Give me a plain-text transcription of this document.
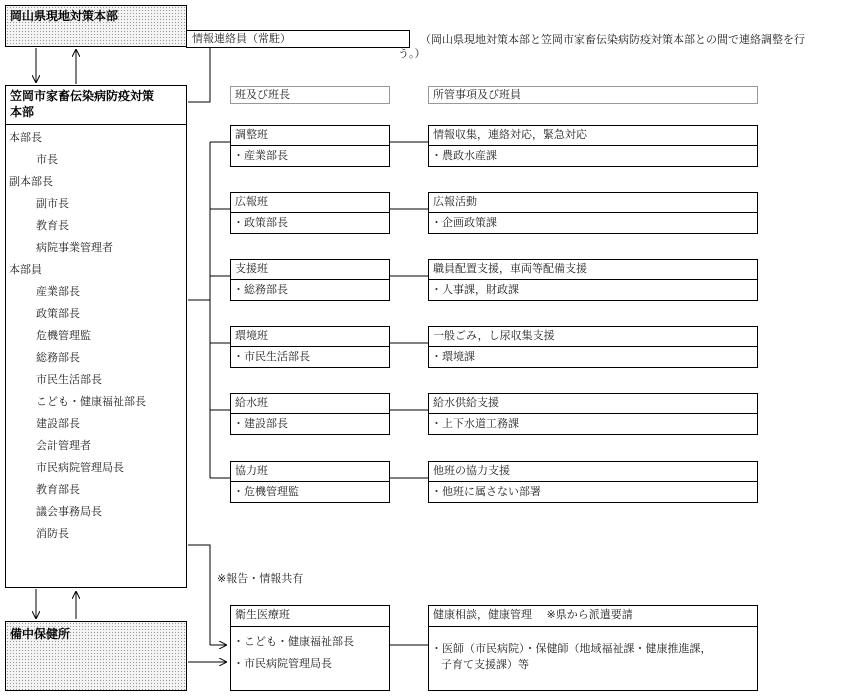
岡山県現地対策本部
情報連絡員（常駐）	（岡山県現地対策本部と笠岡市家畜伝染病防疫対策本部との間で連絡調整を行
う。）
笠岡市家畜伝染病防疫対策
本部
本部長
市長
副本部長
副市長
教育長
病院事業管理者
本部員
産業部長
政策部長
危機管理監
総務部長
市民生活部長
こども・健康福祉部長
建設部長
会計管理者
市民病院管理局長
教育部長
議会事務局長
消防長
班及び班長	所管事項及び班員
調整班
・産業部長
情報収集，連絡対応，緊急対応
・農政水産課
広報班
・政策部長
広報活動
・企画政策課
支援班
・総務部長
職員配置支援，車両等配備支援
・人事課，財政課
環境班
・市民生活部長
一般ごみ，し尿収集支援
・環境課
給水班
・建設部長
給水供給支援
・上下水道工務課
協力班
・危機管理監
他班の協力支援
・他班に属さない部署
※報告・情報共有
備中保健所
衛生医療班
・こども・健康福祉部長
・市民病院管理局長
健康相談，健康管理　 ※県から派遣要請
・医師（市民病院）・保健師（地域福祉課・健康推進課，
子育て支援課）等
